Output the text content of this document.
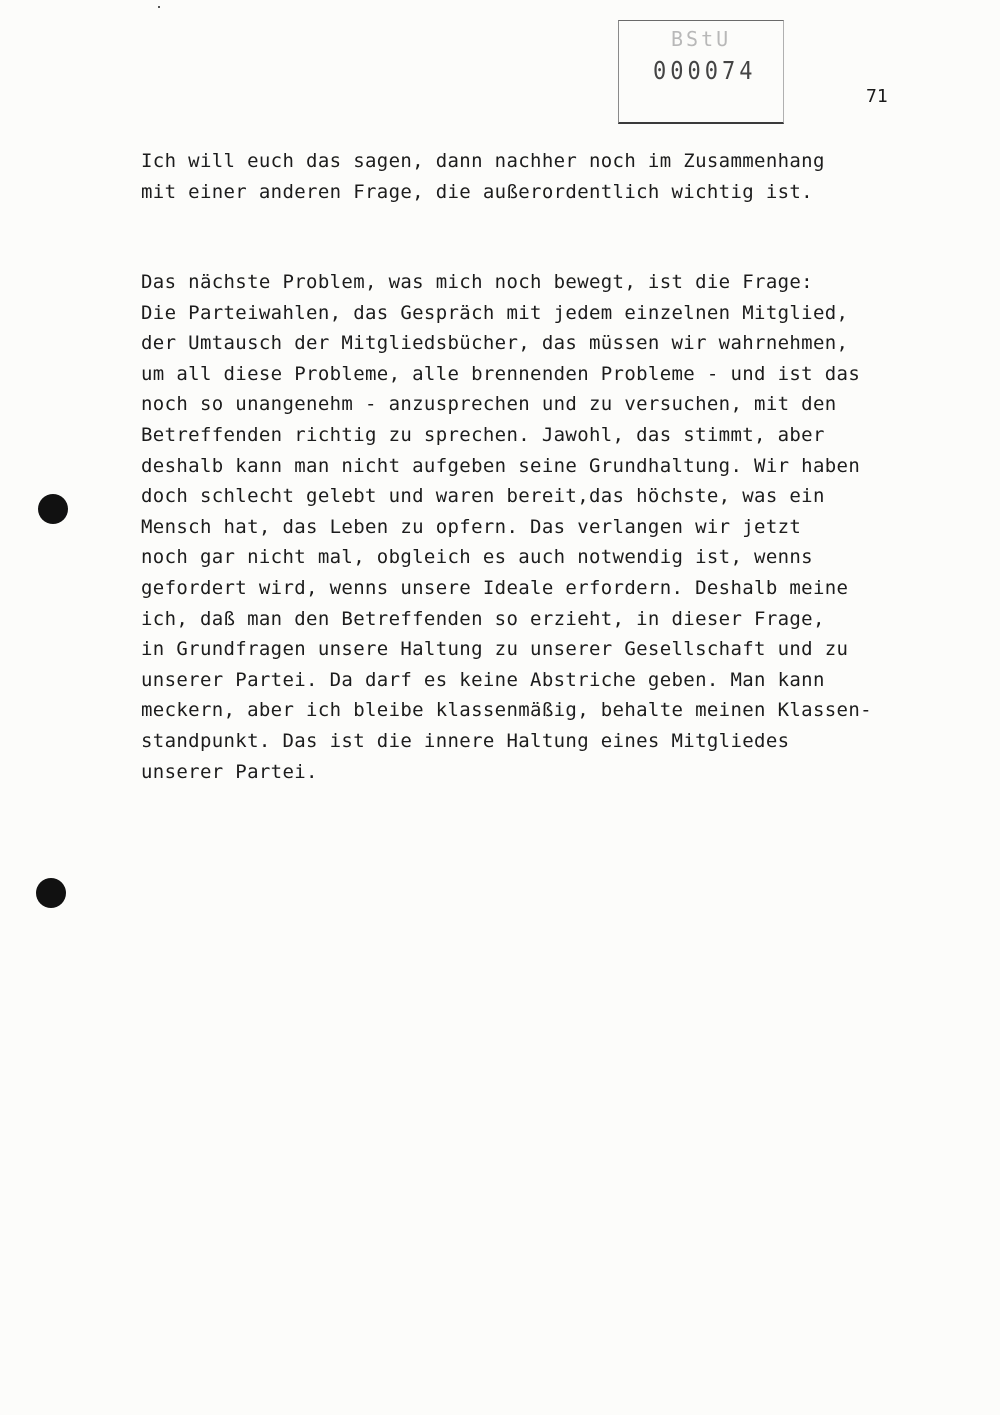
BStU
000074
71
Ich will euch das sagen, dann nachher noch im Zusammenhang
mit einer anderen Frage, die außerordentlich wichtig ist.
Das nächste Problem, was mich noch bewegt, ist die Frage:
Die Parteiwahlen, das Gespräch mit jedem einzelnen Mitglied,
der Umtausch der Mitgliedsbücher, das müssen wir wahrnehmen,
um all diese Probleme, alle brennenden Probleme - und ist das
noch so unangenehm - anzusprechen und zu versuchen, mit den
Betreffenden richtig zu sprechen. Jawohl, das stimmt, aber
deshalb kann man nicht aufgeben seine Grundhaltung. Wir haben
doch schlecht gelebt und waren bereit,das höchste, was ein
Mensch hat, das Leben zu opfern. Das verlangen wir jetzt
noch gar nicht mal, obgleich es auch notwendig ist, wenns
gefordert wird, wenns unsere Ideale erfordern. Deshalb meine
ich, daß man den Betreffenden so erzieht, in dieser Frage,
in Grundfragen unsere Haltung zu unserer Gesellschaft und zu
unserer Partei. Da darf es keine Abstriche geben. Man kann
meckern, aber ich bleibe klassenmäßig, behalte meinen Klassen-
standpunkt. Das ist die innere Haltung eines Mitgliedes
unserer Partei.
